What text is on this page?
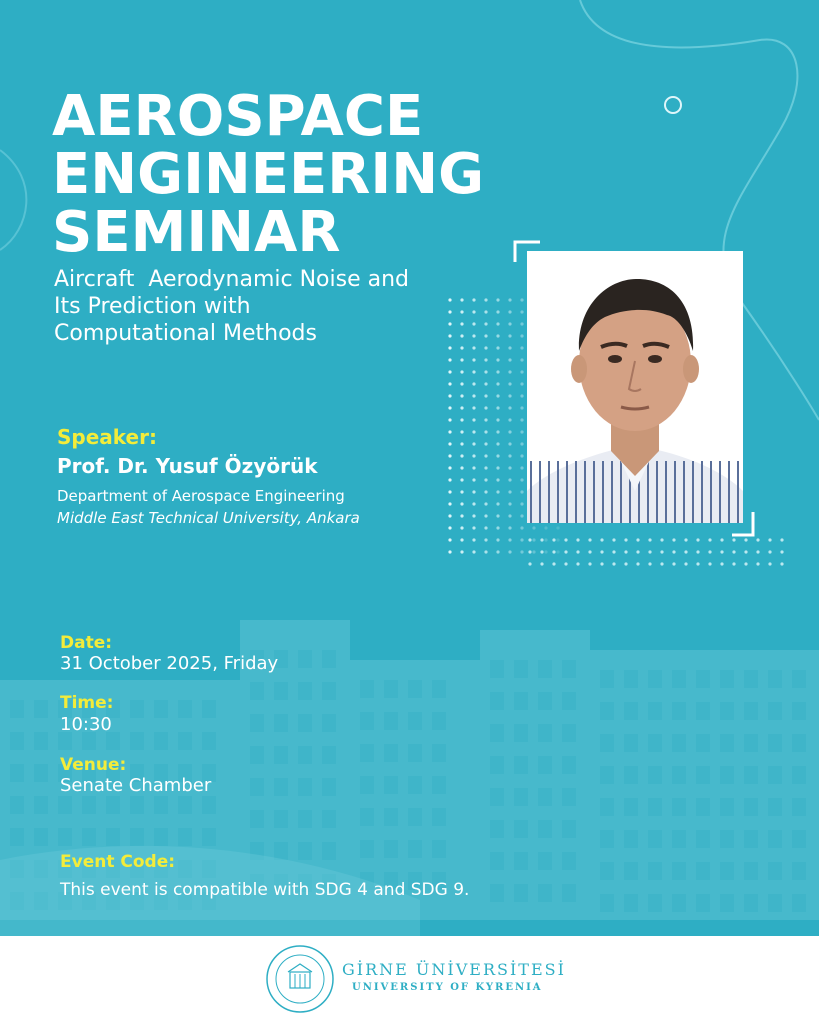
AEROSPACE
ENGINEERING
SEMINAR
Aircraft  Aerodynamic Noise and
Its Prediction with
Computational Methods
Speaker:
Prof. Dr. Yusuf Özyörük
Department of Aerospace Engineering
Middle East Technical University, Ankara
Date:
31 October 2025, Friday
Time:
10:30
Venue:
Senate Chamber
Event Code:
This event is compatible with SDG 4 and SDG 9.
GİRNE ÜNİVERSİTESİ
UNIVERSITY OF KYRENIA
